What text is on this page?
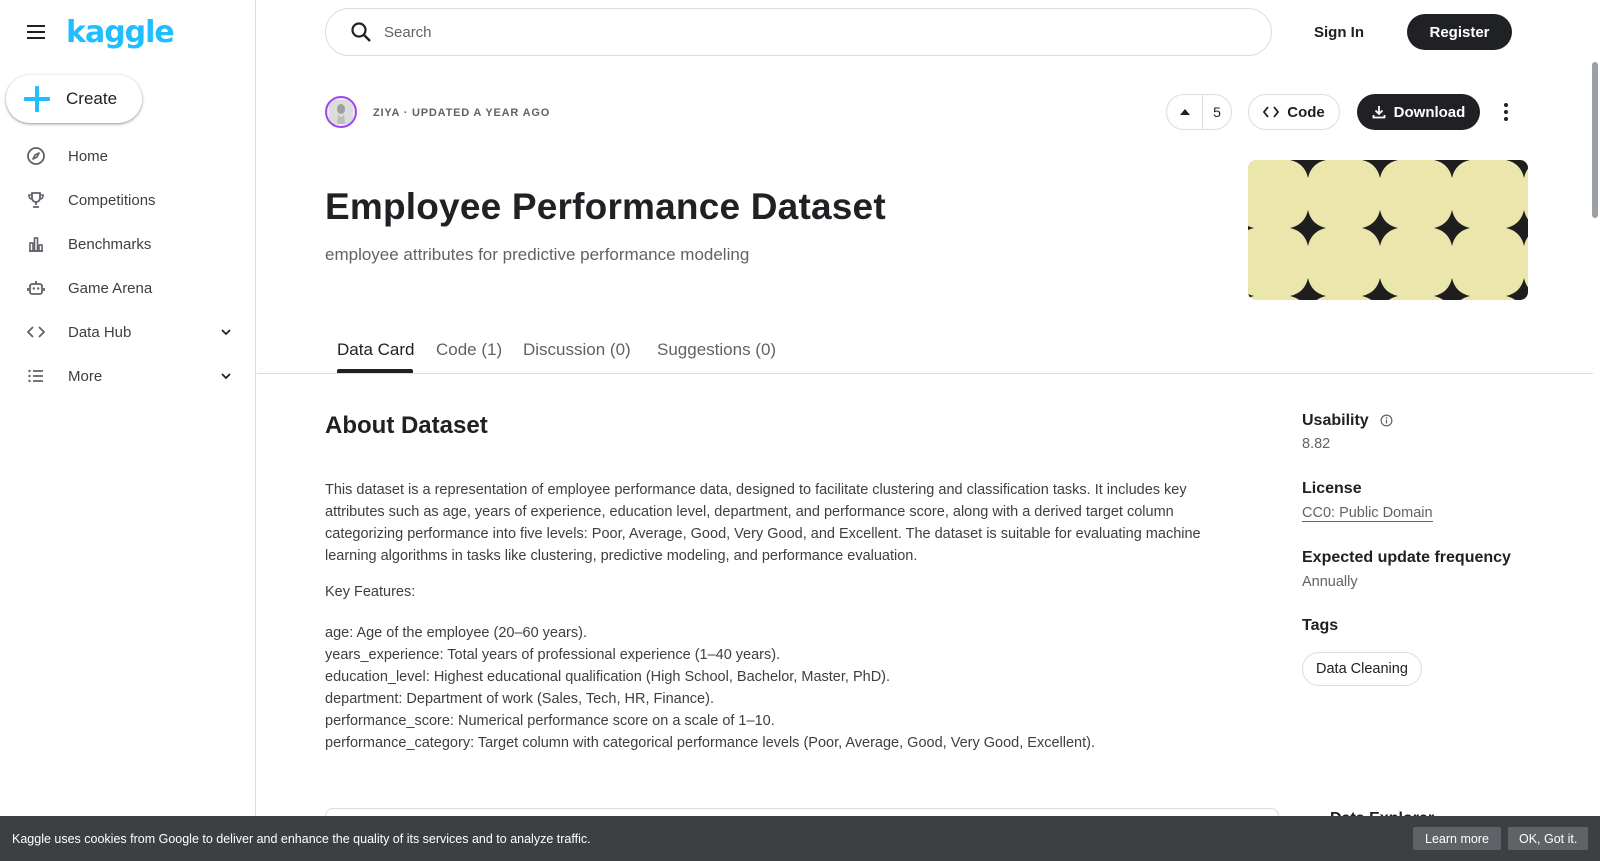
kaggle
Create
Home
Competitions
Benchmarks
Game Arena
Data Hub
More
Search
Sign In	Register
ZIYA · UPDATED A YEAR AGO	5	Code	Download
Employee Performance Dataset
employee attributes for predictive performance modeling
Data Card Code (1) Discussion (0) Suggestions (0)
About Dataset

This dataset is a representation of employee performance data, designed to facilitate clustering and classification tasks. It includes key attributes such as age, years of experience, education level, department, and performance score, along with a derived target column categorizing performance into five levels: Poor, Average, Good, Very Good, and Excellent. The dataset is suitable for evaluating machine learning algorithms in tasks like clustering, predictive modeling, and performance evaluation.

Key Features:

age: Age of the employee (20–60 years).
years_experience: Total years of professional experience (1–40 years).
education_level: Highest educational qualification (High School, Bachelor, Master, PhD).
department: Department of work (Sales, Tech, HR, Finance).
performance_score: Numerical performance score on a scale of 1–10.
performance_category: Target column with categorical performance levels (Poor, Average, Good, Very Good, Excellent).
Usability
8.82
License
CC0: Public Domain
Expected update frequency
Annually
Tags
Data Cleaning
Kaggle uses cookies from Google to deliver and enhance the quality of its services and to analyze traffic.	Learn more	OK, Got it.
